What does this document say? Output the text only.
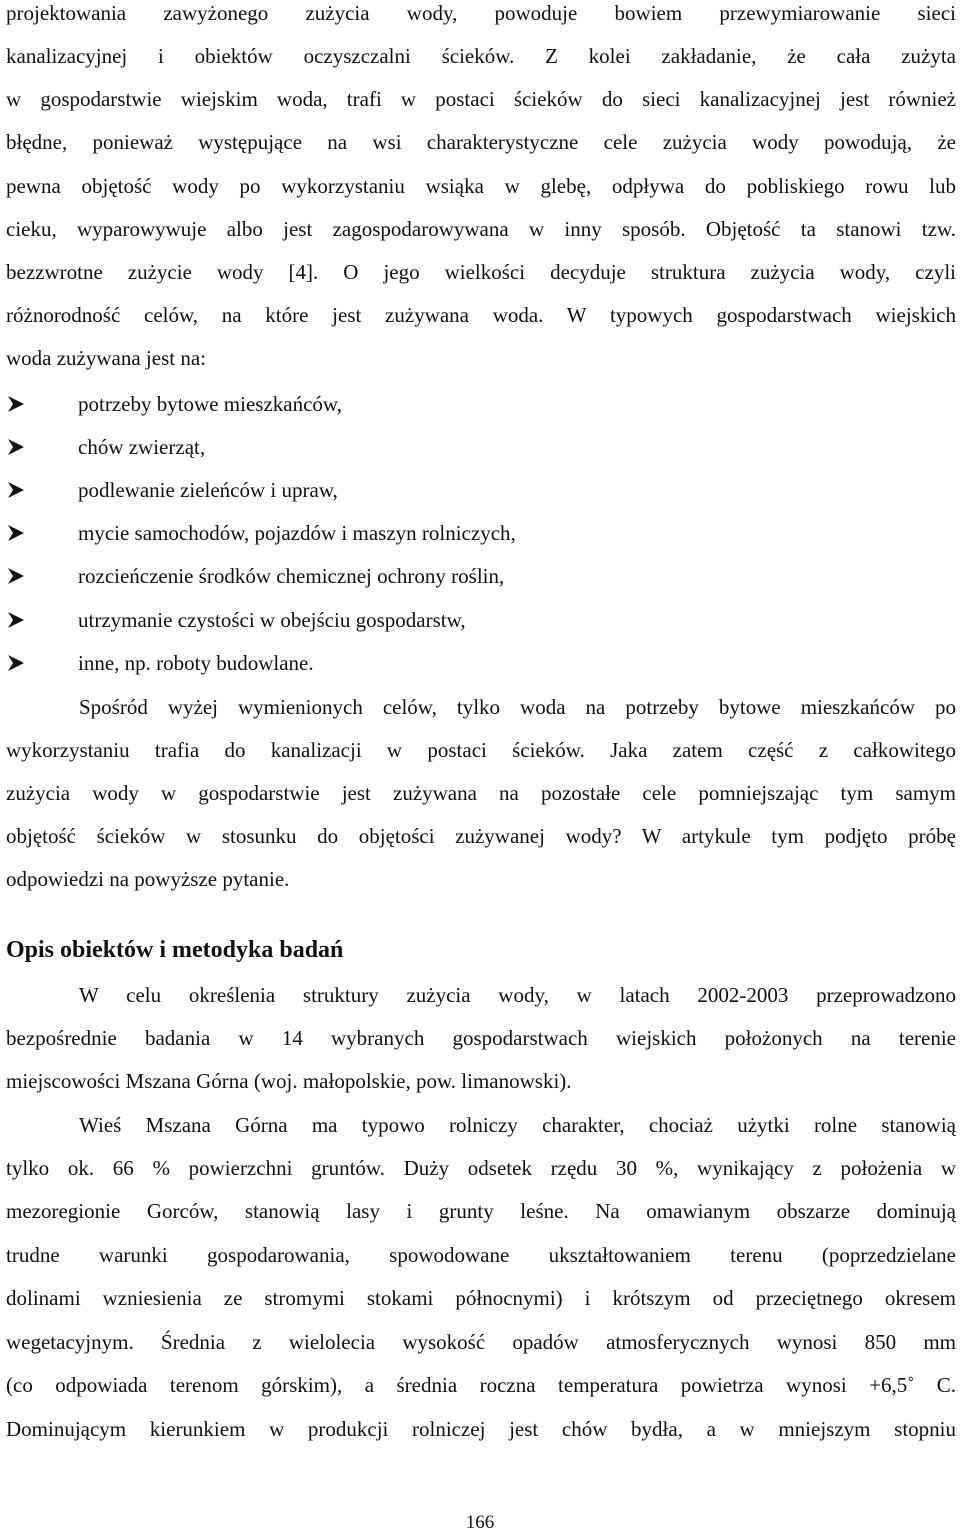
projektowania zawyżonego zużycia wody, powoduje bowiem przewymiarowanie sieci
kanalizacyjnej i obiektów oczyszczalni ścieków. Z kolei zakładanie, że cała zużyta
w gospodarstwie wiejskim woda, trafi w postaci ścieków do sieci kanalizacyjnej jest również
błędne, ponieważ występujące na wsi charakterystyczne cele zużycia wody powodują, że
pewna objętość wody po wykorzystaniu wsiąka w glebę, odpływa do pobliskiego rowu lub
cieku, wyparowywuje albo jest zagospodarowywana w inny sposób. Objętość ta stanowi tzw.
bezzwrotne zużycie wody [4]. O jego wielkości decyduje struktura zużycia wody, czyli
różnorodność celów, na które jest zużywana woda. W typowych gospodarstwach wiejskich
woda zużywana jest na:
potrzeby bytowe mieszkańców,
chów zwierząt,
podlewanie zieleńców i upraw,
mycie samochodów, pojazdów i maszyn rolniczych,
rozcieńczenie środków chemicznej ochrony roślin,
utrzymanie czystości w obejściu gospodarstw,
inne, np. roboty budowlane.
Spośród wyżej wymienionych celów, tylko woda na potrzeby bytowe mieszkańców po
wykorzystaniu trafia do kanalizacji w postaci ścieków. Jaka zatem część z całkowitego
zużycia wody w gospodarstwie jest zużywana na pozostałe cele pomniejszając tym samym
objętość ścieków w stosunku do objętości zużywanej wody? W artykule tym podjęto próbę
odpowiedzi na powyższe pytanie.
Opis obiektów i metodyka badań
W celu określenia struktury zużycia wody, w latach 2002-2003 przeprowadzono
bezpośrednie badania w 14 wybranych gospodarstwach wiejskich położonych na terenie
miejscowości Mszana Górna (woj. małopolskie, pow. limanowski).
Wieś Mszana Górna ma typowo rolniczy charakter, chociaż użytki rolne stanowią
tylko ok. 66 % powierzchni gruntów. Duży odsetek rzędu 30 %, wynikający z położenia w
mezoregionie Gorców, stanowią lasy i grunty leśne. Na omawianym obszarze dominują
trudne warunki gospodarowania, spowodowane ukształtowaniem terenu (poprzedzielane
dolinami wzniesienia ze stromymi stokami północnymi) i krótszym od przeciętnego okresem
wegetacyjnym. Średnia z wielolecia wysokość opadów atmosferycznych wynosi 850 mm
(co odpowiada terenom górskim), a średnia roczna temperatura powietrza wynosi +6,5˚ C.
Dominującym kierunkiem w produkcji rolniczej jest chów bydła, a w mniejszym stopniu
166
